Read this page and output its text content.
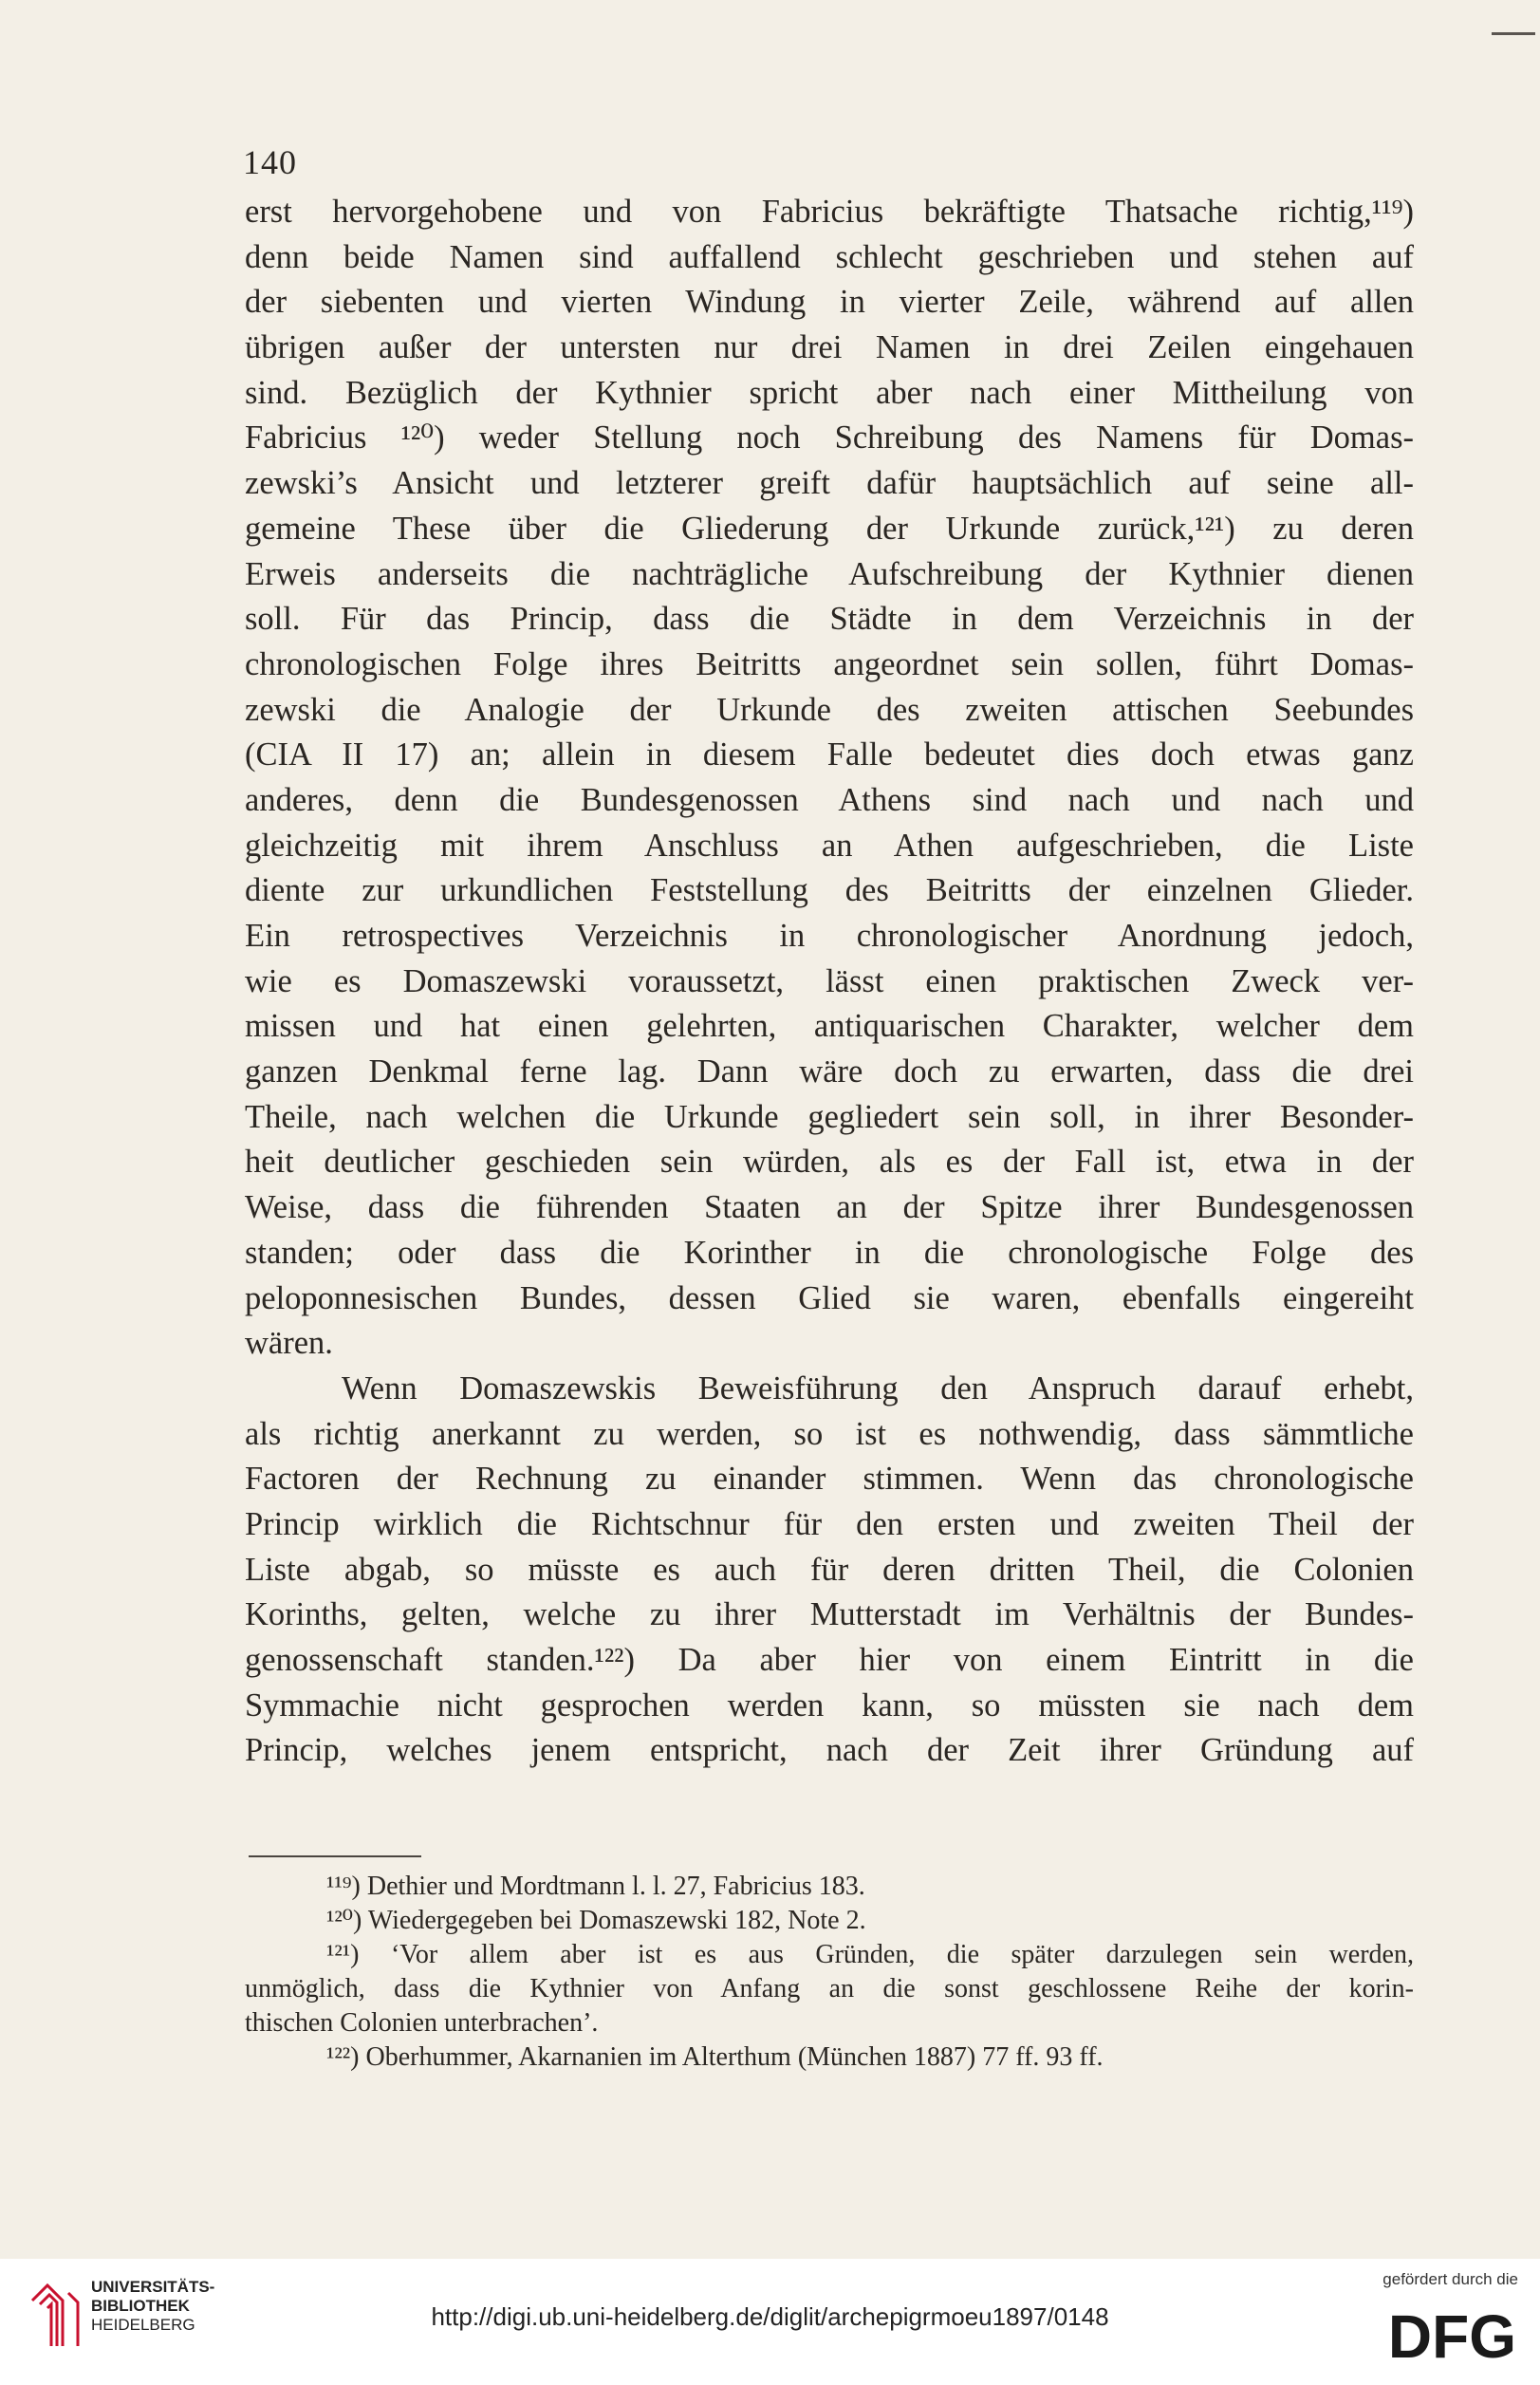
140
erst hervorgehobene und von Fabricius bekräftigte Thatsache richtig,¹¹⁹)
denn beide Namen sind auffallend schlecht geschrieben und stehen auf
der siebenten und vierten Windung in vierter Zeile, während auf allen
übrigen außer der untersten nur drei Namen in drei Zeilen eingehauen
sind. Bezüglich der Kythnier spricht aber nach einer Mittheilung von
Fabricius ¹²⁰) weder Stellung noch Schreibung des Namens für Domas-
zewski’s Ansicht und letzterer greift dafür hauptsächlich auf seine all-
gemeine These über die Gliederung der Urkunde zurück,¹²¹) zu deren
Erweis anderseits die nachträgliche Aufschreibung der Kythnier dienen
soll. Für das Princip, dass die Städte in dem Verzeichnis in der
chronologischen Folge ihres Beitritts angeordnet sein sollen, führt Domas-
zewski die Analogie der Urkunde des zweiten attischen Seebundes
(CIA II 17) an; allein in diesem Falle bedeutet dies doch etwas ganz
anderes, denn die Bundesgenossen Athens sind nach und nach und
gleichzeitig mit ihrem Anschluss an Athen aufgeschrieben, die Liste
diente zur urkundlichen Feststellung des Beitritts der einzelnen Glieder.
Ein retrospectives Verzeichnis in chronologischer Anordnung jedoch,
wie es Domaszewski voraussetzt, lässt einen praktischen Zweck ver-
missen und hat einen gelehrten, antiquarischen Charakter, welcher dem
ganzen Denkmal ferne lag. Dann wäre doch zu erwarten, dass die drei
Theile, nach welchen die Urkunde gegliedert sein soll, in ihrer Besonder-
heit deutlicher geschieden sein würden, als es der Fall ist, etwa in der
Weise, dass die führenden Staaten an der Spitze ihrer Bundesgenossen
standen; oder dass die Korinther in die chronologische Folge des
peloponnesischen Bundes, dessen Glied sie waren, ebenfalls eingereiht
wären.
Wenn Domaszewskis Beweisführung den Anspruch darauf erhebt,
als richtig anerkannt zu werden, so ist es nothwendig, dass sämmtliche
Factoren der Rechnung zu einander stimmen. Wenn das chronologische
Princip wirklich die Richtschnur für den ersten und zweiten Theil der
Liste abgab, so müsste es auch für deren dritten Theil, die Colonien
Korinths, gelten, welche zu ihrer Mutterstadt im Verhältnis der Bundes-
genossenschaft standen.¹²²) Da aber hier von einem Eintritt in die
Symmachie nicht gesprochen werden kann, so müssten sie nach dem
Princip, welches jenem entspricht, nach der Zeit ihrer Gründung auf
¹¹⁹) Dethier und Mordtmann l. l. 27, Fabricius 183.
¹²⁰) Wiedergegeben bei Domaszewski 182, Note 2.
¹²¹) ‘Vor allem aber ist es aus Gründen, die später darzulegen sein werden,
unmöglich, dass die Kythnier von Anfang an die sonst geschlossene Reihe der korin-
thischen Colonien unterbrachen’.
¹²²) Oberhummer, Akarnanien im Alterthum (München 1887) 77 ff. 93 ff.
UNIVERSITÄTS-
BIBLIOTHEK
HEIDELBERG	http://digi.ub.uni-heidelberg.de/diglit/archepigrmoeu1897/0148
gefördert durch die
DFG
